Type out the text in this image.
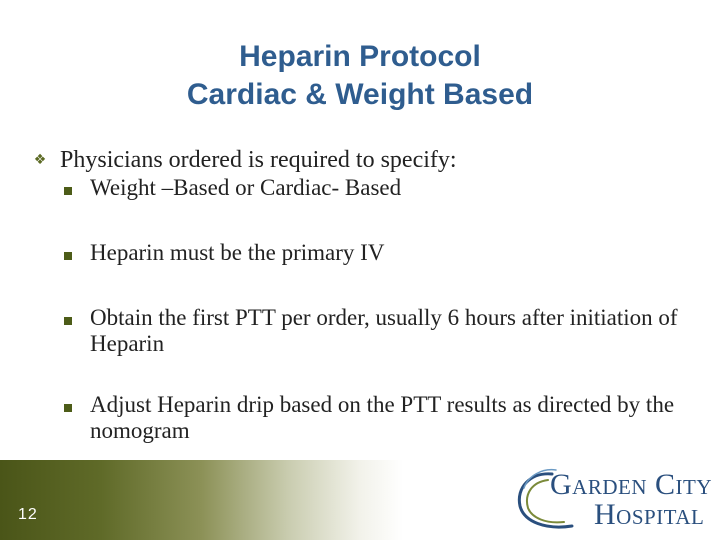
Heparin Protocol
Cardiac & Weight Based
❖ Physicians ordered is required to specify:
Weight –Based or Cardiac- Based
Heparin must be the primary IV
Obtain the first PTT per order, usually 6 hours after initiation of Heparin
Adjust Heparin drip based on the PTT results as directed by the nomogram
12
Garden City
Hospital
